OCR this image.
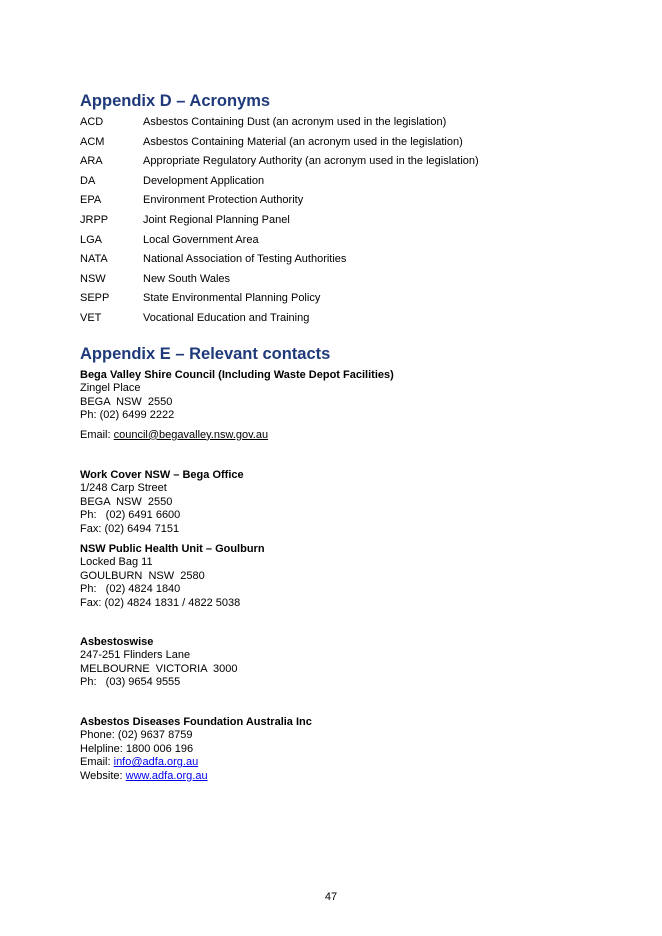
Appendix D – Acronyms
ACD	Asbestos Containing Dust (an acronym used in the legislation)
ACM	Asbestos Containing Material (an acronym used in the legislation)
ARA	Appropriate Regulatory Authority (an acronym used in the legislation)
DA	Development Application
EPA	Environment Protection Authority
JRPP	Joint Regional Planning Panel
LGA	Local Government Area
NATA	National Association of Testing Authorities
NSW	New South Wales
SEPP	State Environmental Planning Policy
VET	Vocational Education and Training
Appendix E – Relevant contacts
Bega Valley Shire Council (Including Waste Depot Facilities)
Zingel Place
BEGA  NSW  2550
Ph: (02) 6499 2222
Email: council@begavalley.nsw.gov.au
Work Cover NSW – Bega Office
1/248 Carp Street
BEGA  NSW  2550
Ph:   (02) 6491 6600
Fax: (02) 6494 7151
NSW Public Health Unit – Goulburn
Locked Bag 11
GOULBURN  NSW  2580
Ph:   (02) 4824 1840
Fax: (02) 4824 1831 / 4822 5038
Asbestoswise
247-251 Flinders Lane
MELBOURNE  VICTORIA  3000
Ph:   (03) 9654 9555
Asbestos Diseases Foundation Australia Inc
Phone: (02) 9637 8759
Helpline: 1800 006 196
Email: info@adfa.org.au
Website: www.adfa.org.au
47
